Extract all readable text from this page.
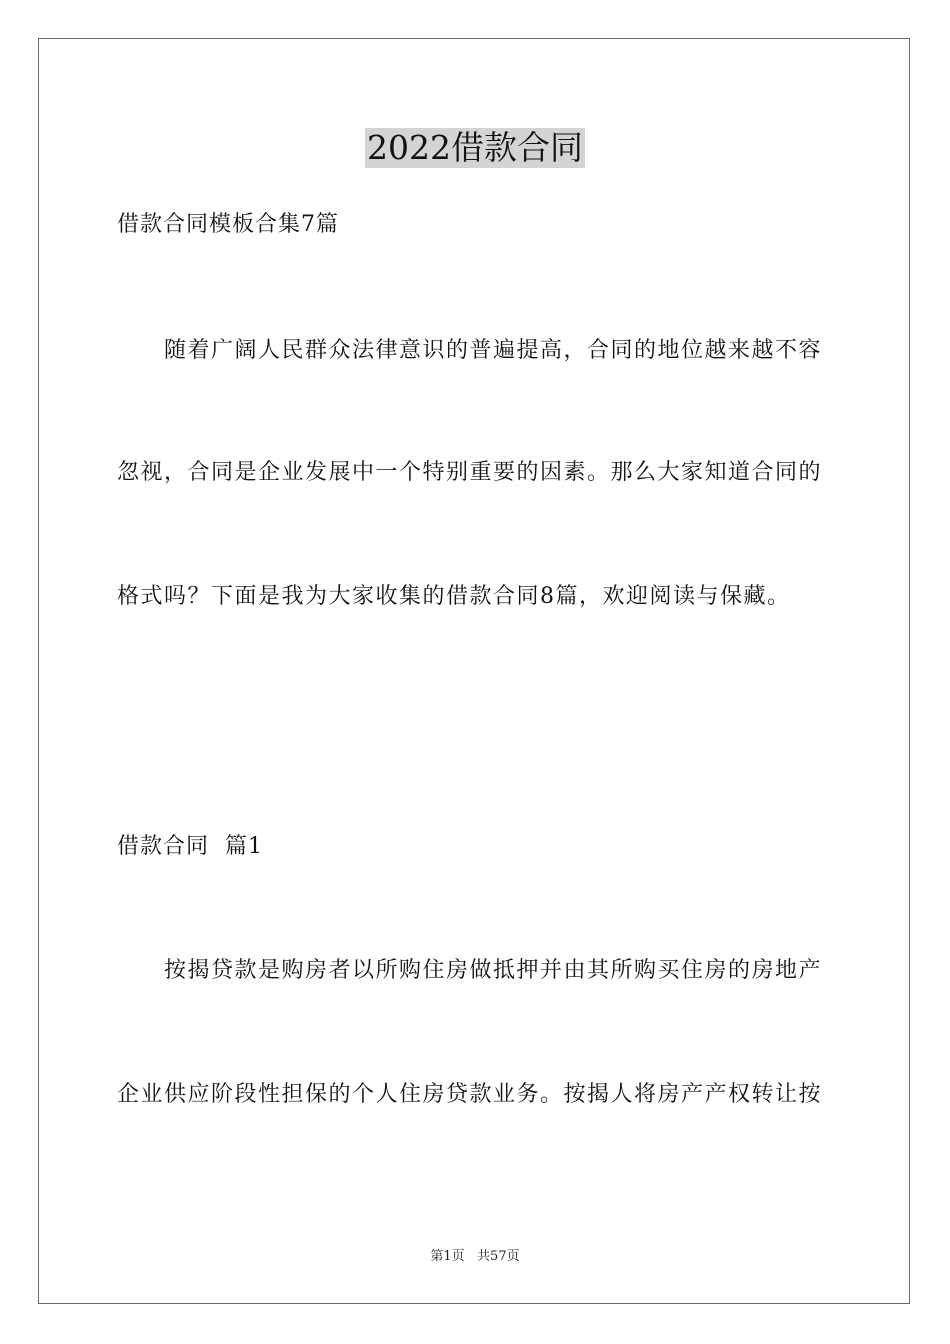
2022借款合同
借款合同模板合集7篇
随着广阔人民群众法律意识的普遍提高，合同的地位越来越不容
忽视，合同是企业发展中一个特别重要的因素。那么大家知道合同的
格式吗？下面是我为大家收集的借款合同8篇，欢迎阅读与保藏。
借款合同  篇1
按揭贷款是购房者以所购住房做抵押并由其所购买住房的房地产
企业供应阶段性担保的个人住房贷款业务。按揭人将房产产权转让按
第1页   共57页
